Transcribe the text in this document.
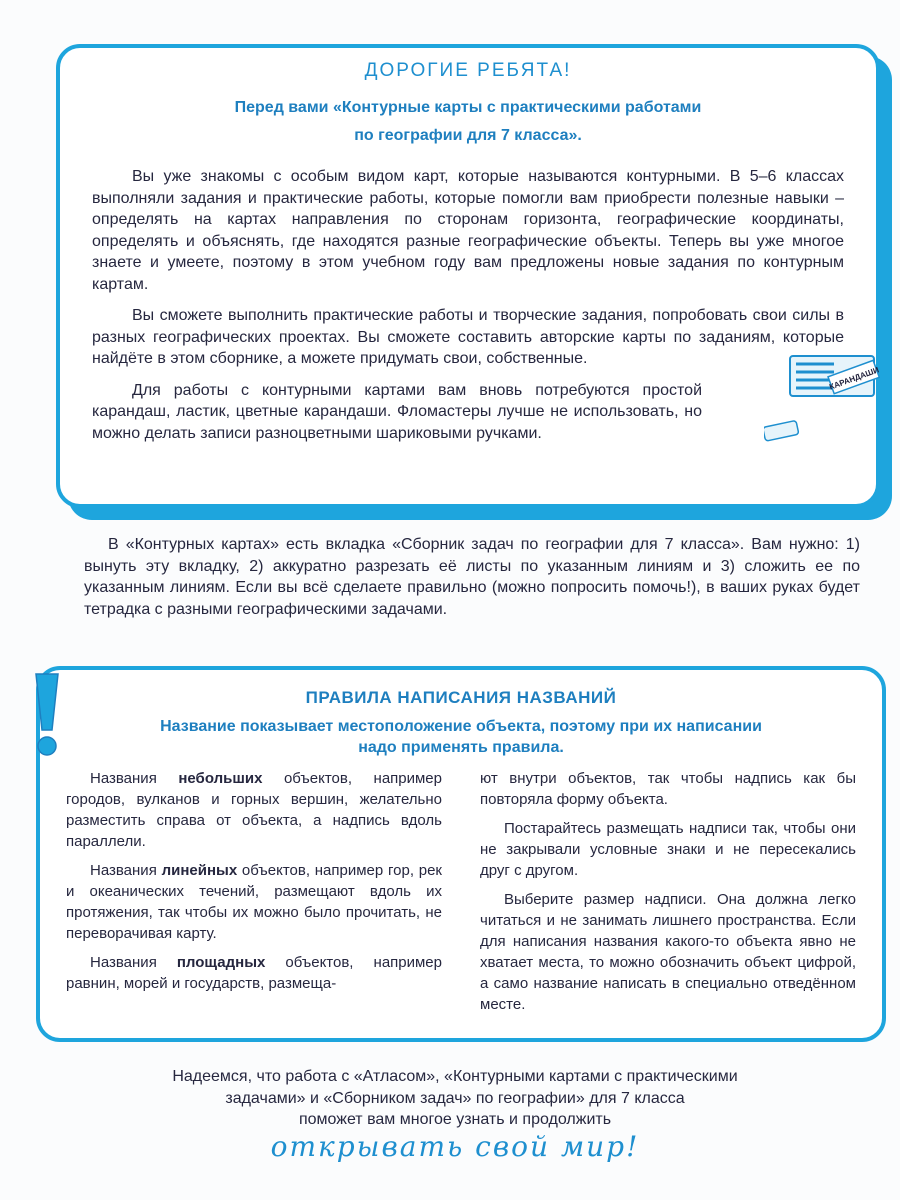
ДОРОГИЕ РЕБЯТА!

Перед вами «Контурные карты с практическими работами

по географии для 7 класса».

Вы уже знакомы с особым видом карт, которые называются контурными. В 5–6 классах выполняли задания и практические работы, которые помогли вам приобрести полезные навыки – определять на картах направления по сторонам горизонта, географические координаты, определять и объяснять, где находятся разные географические объекты. Теперь вы уже многое знаете и умеете, поэтому в этом учебном году вам предложены новые задания по контурным картам.

Вы сможете выполнить практические работы и творческие задания, попробовать свои силы в разных географических проектах. Вы сможете составить авторские карты по заданиям, которые найдёте в этом сборнике, а можете придумать свои, собственные.

Для работы с контурными картами вам вновь потребуются простой карандаш, ластик, цветные карандаши. Фломастеры лучше не использовать, но можно делать записи разноцветными шариковыми ручками.

КАРАНДАШИ

В «Контурных картах» есть вкладка «Сборник задач по географии для 7 класса». Вам нужно: 1) вынуть эту вкладку, 2) аккуратно разрезать её листы по указанным линиям и 3) сложить ее по указанным линиям. Если вы всё сделаете правильно (можно попросить помочь!), в ваших руках будет тетрадка с разными географическими задачами.

ПРАВИЛА НАПИСАНИЯ НАЗВАНИЙ
Название показывает местоположение объекта, поэтому при их написании
надо применять правила.

Названия небольших объектов, например городов, вулканов и горных вершин, желательно разместить справа от объекта, а надпись вдоль параллели.

Названия линейных объектов, например гор, рек и океанических течений, размещают вдоль их протяжения, так чтобы их можно было прочитать, не переворачивая карту.

Названия площадных объектов, например равнин, морей и государств, размеща-

ют внутри объектов, так чтобы надпись как бы повторяла форму объекта.

Постарайтесь размещать надписи так, чтобы они не закрывали условные знаки и не пересекались друг с другом.

Выберите размер надписи. Она должна легко читаться и не занимать лишнего пространства. Если для написания названия какого-то объекта явно не хватает места, то можно обозначить объект цифрой, а само название написать в специально отведённом месте.

Надеемся, что работа с «Атласом», «Контурными картами с практическими
задачами» и «Сборником задач» по географии» для 7 класса
поможет вам многое узнать и продолжить
открывать свой мир!
